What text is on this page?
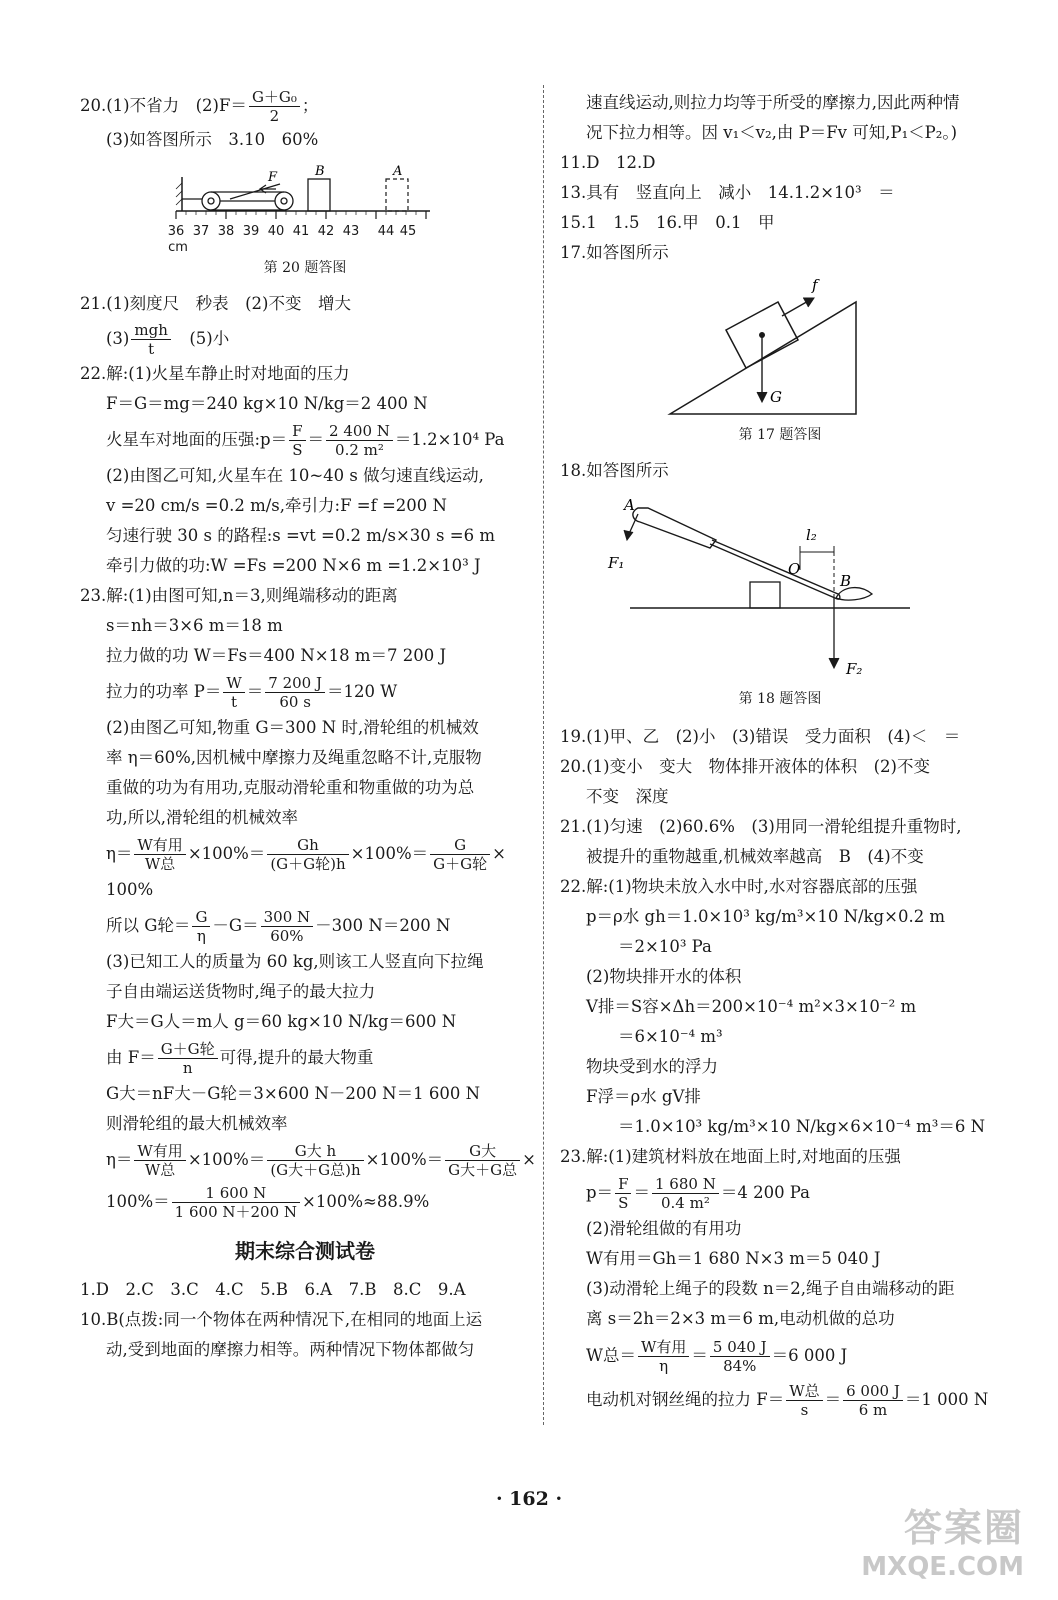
20.(1)不省力　$(2)F= \frac{\text{G＋G₀}}{2}$ ；
(3)如答图所示　3.10　60%
36 37 38 39 40 41 42 43 44 45
cm
F	B	A
第 20 题答图
21.(1)刻度尺　秒表　(2)不变　增大
$(3) \frac{\text{mgh}}{t}$ 　(5)小
22.解:(1)火星车静止时对地面的压力
F＝G＝mg＝240 kg×10 N/kg＝2 400 N
火星车对地面的压强:p＝ $\frac{F}{S} = \frac{2 400 N}{\text{0.2 m²}} =1.2\times 10^4$ Pa
(2)由图乙可知,火星车在 10~40 s 做匀速直线运动,
v =20 cm/s =0.2 m/s,牵引力:F =f =200 N
匀速行驶 30 s 的路程:s =vt =0.2 m/s×30 s =6 m
牵引力做的功:W =Fs =200 N×6 m =1.2×10³ J
23.解:(1)由图可知,n＝3,则绳端移动的距离
s＝nh＝3×6 m＝18 m
拉力做的功 W＝Fs＝400 N×18 m＝7 200 J
拉力的功率 $P= \frac{W}{t} = \frac{7 200 J}{60 s} =120$ W
(2)由图乙可知,物重 G＝300 N 时,滑轮组的机械效
率 η＝60%,因机械中摩擦力及绳重忽略不计,克服物
重做的功为有用功,克服动滑轮重和物重做的功为总
功,所以,滑轮组的机械效率
$\eta= \frac{\text{W有用}}{\text{W总}} \times 100\%= \frac{Gh}{\text{(G＋G轮)h}} \times 100\%= \frac{G}{\text{G＋G轮}}$ ×
100%
所以 G轮＝ $\frac{G}{\eta} -G= \frac{300 N}{60\%} -300$ N＝200 N
(3)已知工人的质量为 60 kg,则该工人竖直向下拉绳
子自由端运送货物时,绳子的最大拉力
F大＝G人＝m人 g＝60 kg×10 N/kg＝600 N
由 $F= \frac{\text{G＋G轮}}{n}$ 可得,提升的最大物重
G大＝nF大－G轮＝3×600 N－200 N＝1 600 N
则滑轮组的最大机械效率
$\eta= \frac{\text{W有用}}{\text{W总}} \times 100\%= \frac{\text{G大 h}}{\text{(G大＋G总)h}} \times 100\%= \frac{\text{G大}}{\text{G大＋G总}}$ ×
$100\%= \frac{1 600 N}{1 600 N+200 N} \times 100\%\approx 88.9\%$
期末综合测试卷
1.D　2.C　3.C　4.C　5.B　6.A　7.B　8.C　9.A
10.B(点拨:同一个物体在两种情况下,在相同的地面上运
动,受到地面的摩擦力相等。两种情况下物体都做匀
速直线运动,则拉力均等于所受的摩擦力,因此两种情
况下拉力相等。因 v₁＜v₂,由 P＝Fv 可知,P₁＜P₂。)
11.D　12.D
13.具有　竖直向上　减小　14.1.2×10³　＝
15.1　1.5　16.甲　0.1　甲
17.如答图所示
G
f
第 17 题答图
18.如答图所示
A
F₁
F₂
l₂
O
B
第 18 题答图
19.(1)甲、乙　(2)小　(3)错误　受力面积　(4)＜　＝
20.(1)变小　变大　物体排开液体的体积　(2)不变
不变　深度
21.(1)匀速　(2)60.6%　(3)用同一滑轮组提升重物时,
被提升的重物越重,机械效率越高　B　(4)不变
22.解:(1)物块未放入水中时,水对容器底部的压强
p＝ρ水 gh＝1.0×10³ kg/m³×10 N/kg×0.2 m
＝2×10³ Pa
(2)物块排开水的体积
V排＝S容×Δh＝200×10⁻⁴ m²×3×10⁻² m
＝6×10⁻⁴ m³
物块受到水的浮力
F浮＝ρ水 gV排
＝1.0×10³ kg/m³×10 N/kg×6×10⁻⁴ m³＝6 N
23.解:(1)建筑材料放在地面上时,对地面的压强
$p= \frac{F}{S} = \frac{1 680 N}{\text{0.4 m²}} =4$ 200 Pa
(2)滑轮组做的有用功
W有用＝Gh＝1 680 N×3 m＝5 040 J
(3)动滑轮上绳子的段数 n＝2,绳子自由端移动的距
离 s＝2h＝2×3 m＝6 m,电动机做的总功
W总＝ $\frac{\text{W有用}}{\eta} = \frac{5 040 J}{84\%} =6$ 000 J
电动机对钢丝绳的拉力 $F= \frac{\text{W总}}{s} = \frac{6 000 J}{6 m} =1$ 000 N
· 162 ·
答案圈
MXQE.COM
